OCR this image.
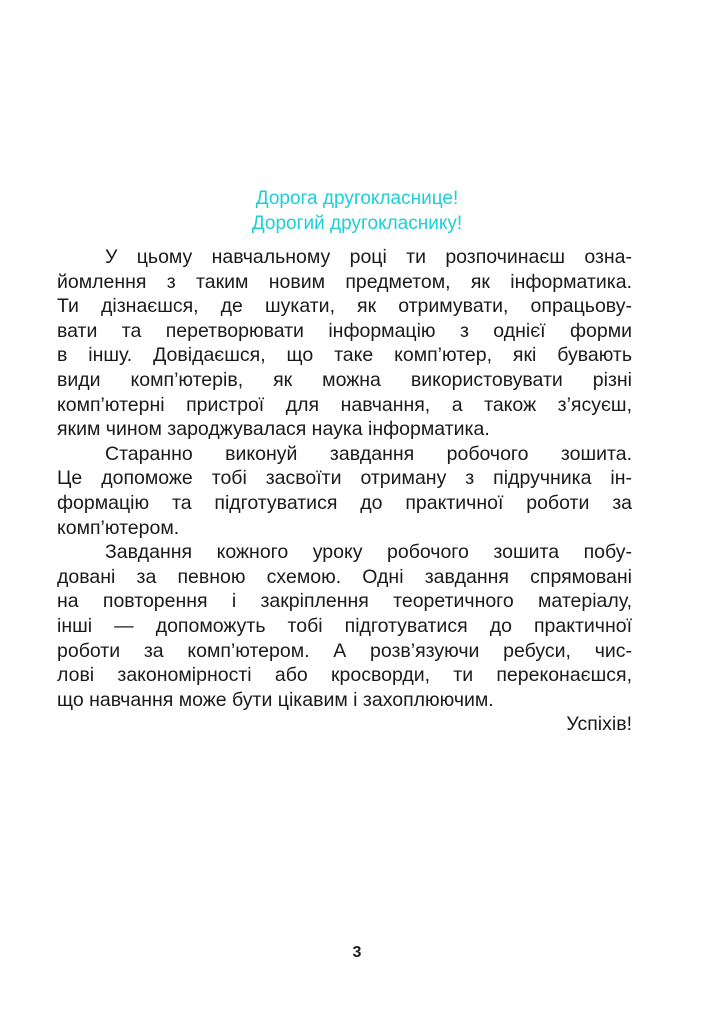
Дорога другокласнице!
Дорогий другокласнику!
У цьому навчальному році ти розпочинаєш озна-
йомлення з таким новим предметом, як інформатика.
Ти дізнаєшся, де шукати, як отримувати, опрацьову-
вати та перетворювати інформацію з однієї форми
в іншу. Довідаєшся, що таке комп’ютер, які бувають
види комп’ютерів, як можна використовувати різні
комп’ютерні пристрої для навчання, а також з’ясуєш,
яким чином зароджувалася наука інформатика.
Старанно виконуй завдання робочого зошита.
Це допоможе тобі засвоїти отриману з підручника ін-
формацію та підготуватися до практичної роботи за
комп’ютером.
Завдання кожного уроку робочого зошита побу-
довані за певною схемою. Одні завдання спрямовані
на повторення і закріплення теоретичного матеріалу,
інші — допоможуть тобі підготуватися до практичної
роботи за комп’ютером. А розв’язуючи ребуси, чис-
лові закономірності або кросворди, ти переконаєшся,
що навчання може бути цікавим і захоплюючим.
Успіхів!
3
